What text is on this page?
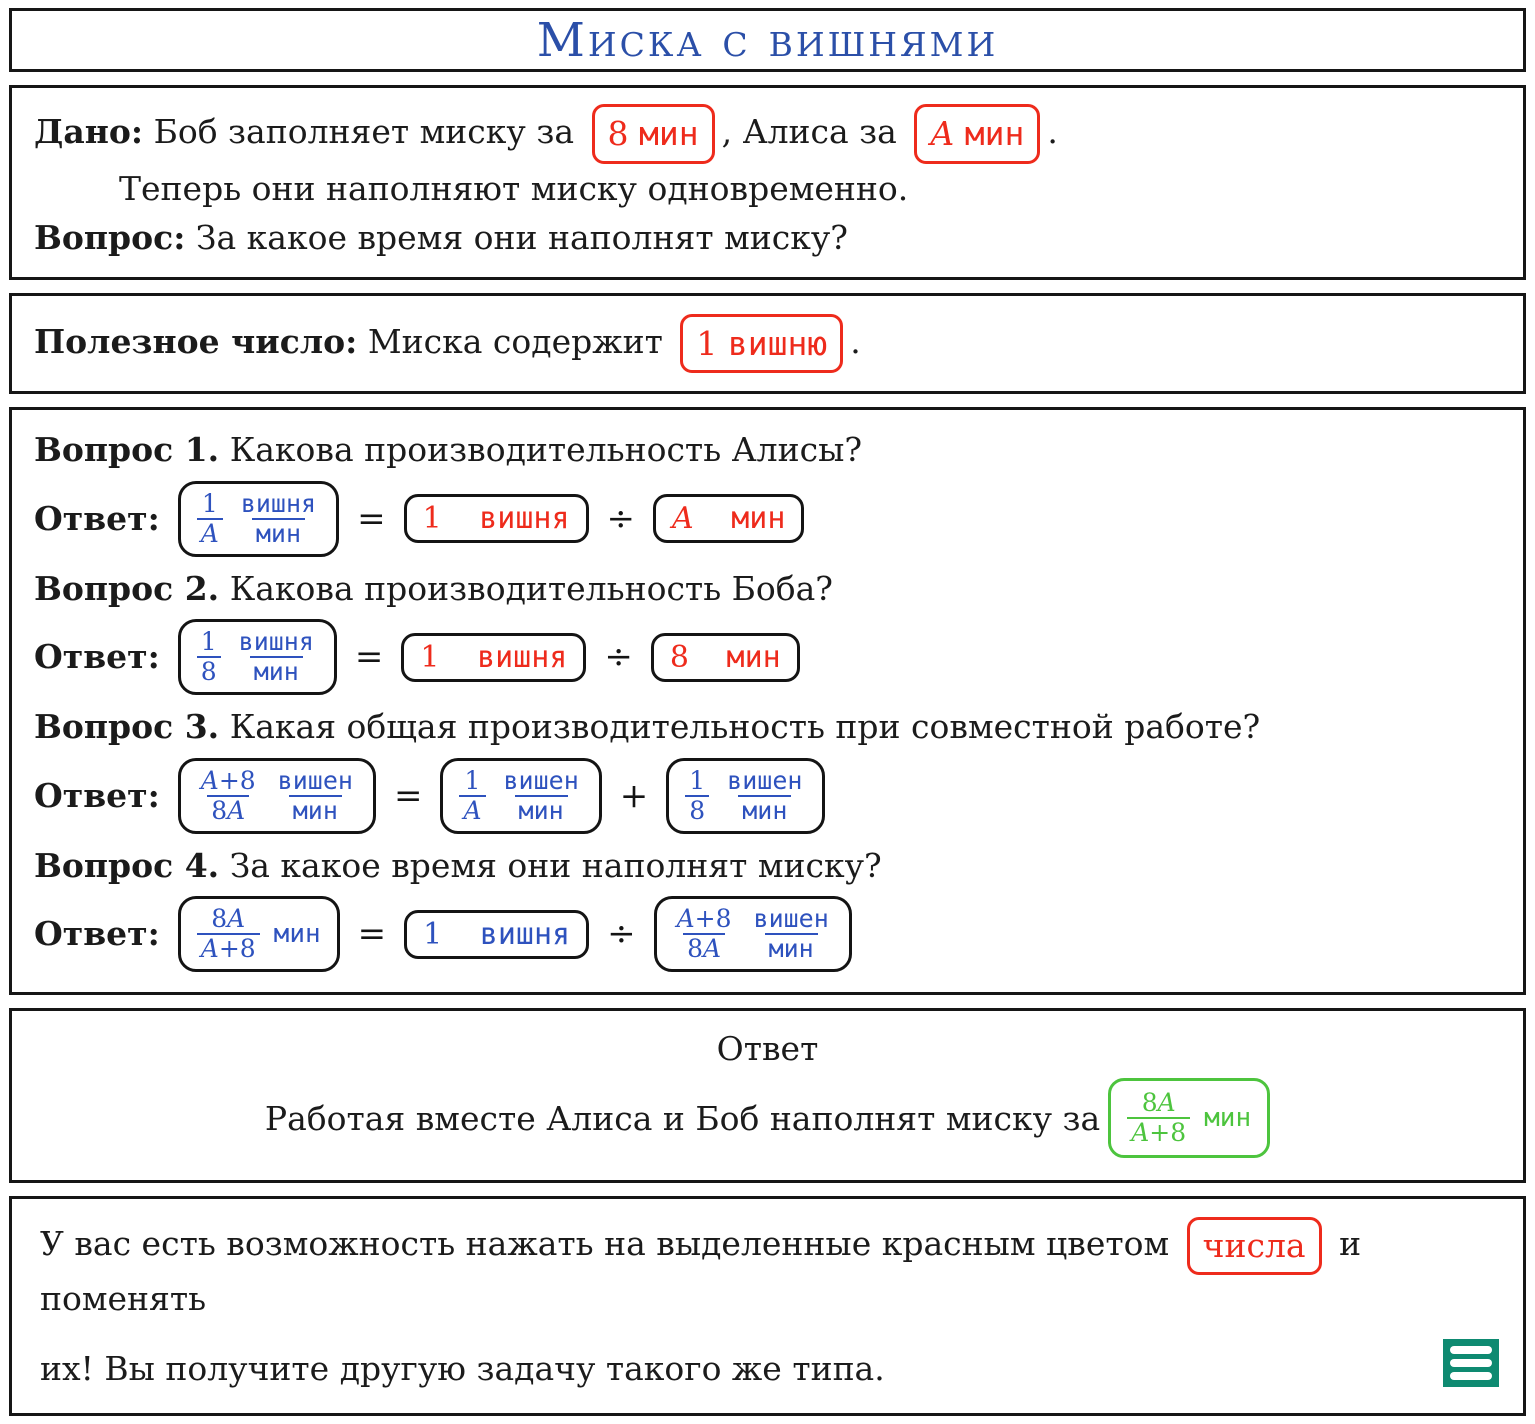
Миска с вишнями
Дано: Боб заполняет миску за 8 мин , Алиса за A мин .
Теперь они наполняют миску одновременно.
Вопрос: За какое время они наполнят миску?
Полезное число: Миска содержит 1 вишню .
Вопрос 1. Какова производительность Алисы?
Ответ: $\frac{1}{A} \frac{\text{вишня}}{\text{мин}} = 1$
вишня ÷ A
мин
Вопрос 2. Какова производительность Боба?
Ответ: $\frac{1}{8} \frac{\text{вишня}}{\text{мин}} = 1$
вишня ÷ 8
мин
Вопрос 3. Какая общая производительность при совместной работе?
Ответ: $\frac{A+8}{8A} \frac{\text{вишен}}{\text{мин}} = \frac{1}{A} \frac{\text{вишен}}{\text{мин}} + \frac{1}{8} \frac{\text{вишен}}{\text{мин}}$
Вопрос 4. За какое время они наполнят миску?
Ответ: $\frac{8A}{A+8}$ мин = 1
вишня ÷ $\frac{A+8}{8A} \frac{\text{вишен}}{\text{мин}}$
Ответ
Работая вместе Алиса и Боб наполнят миску за $\frac{8A}{A+8}$ мин
У вас есть возможность нажать на выделенные красным цветом числа и поменять
их! Вы получите другую задачу такого же типа.
